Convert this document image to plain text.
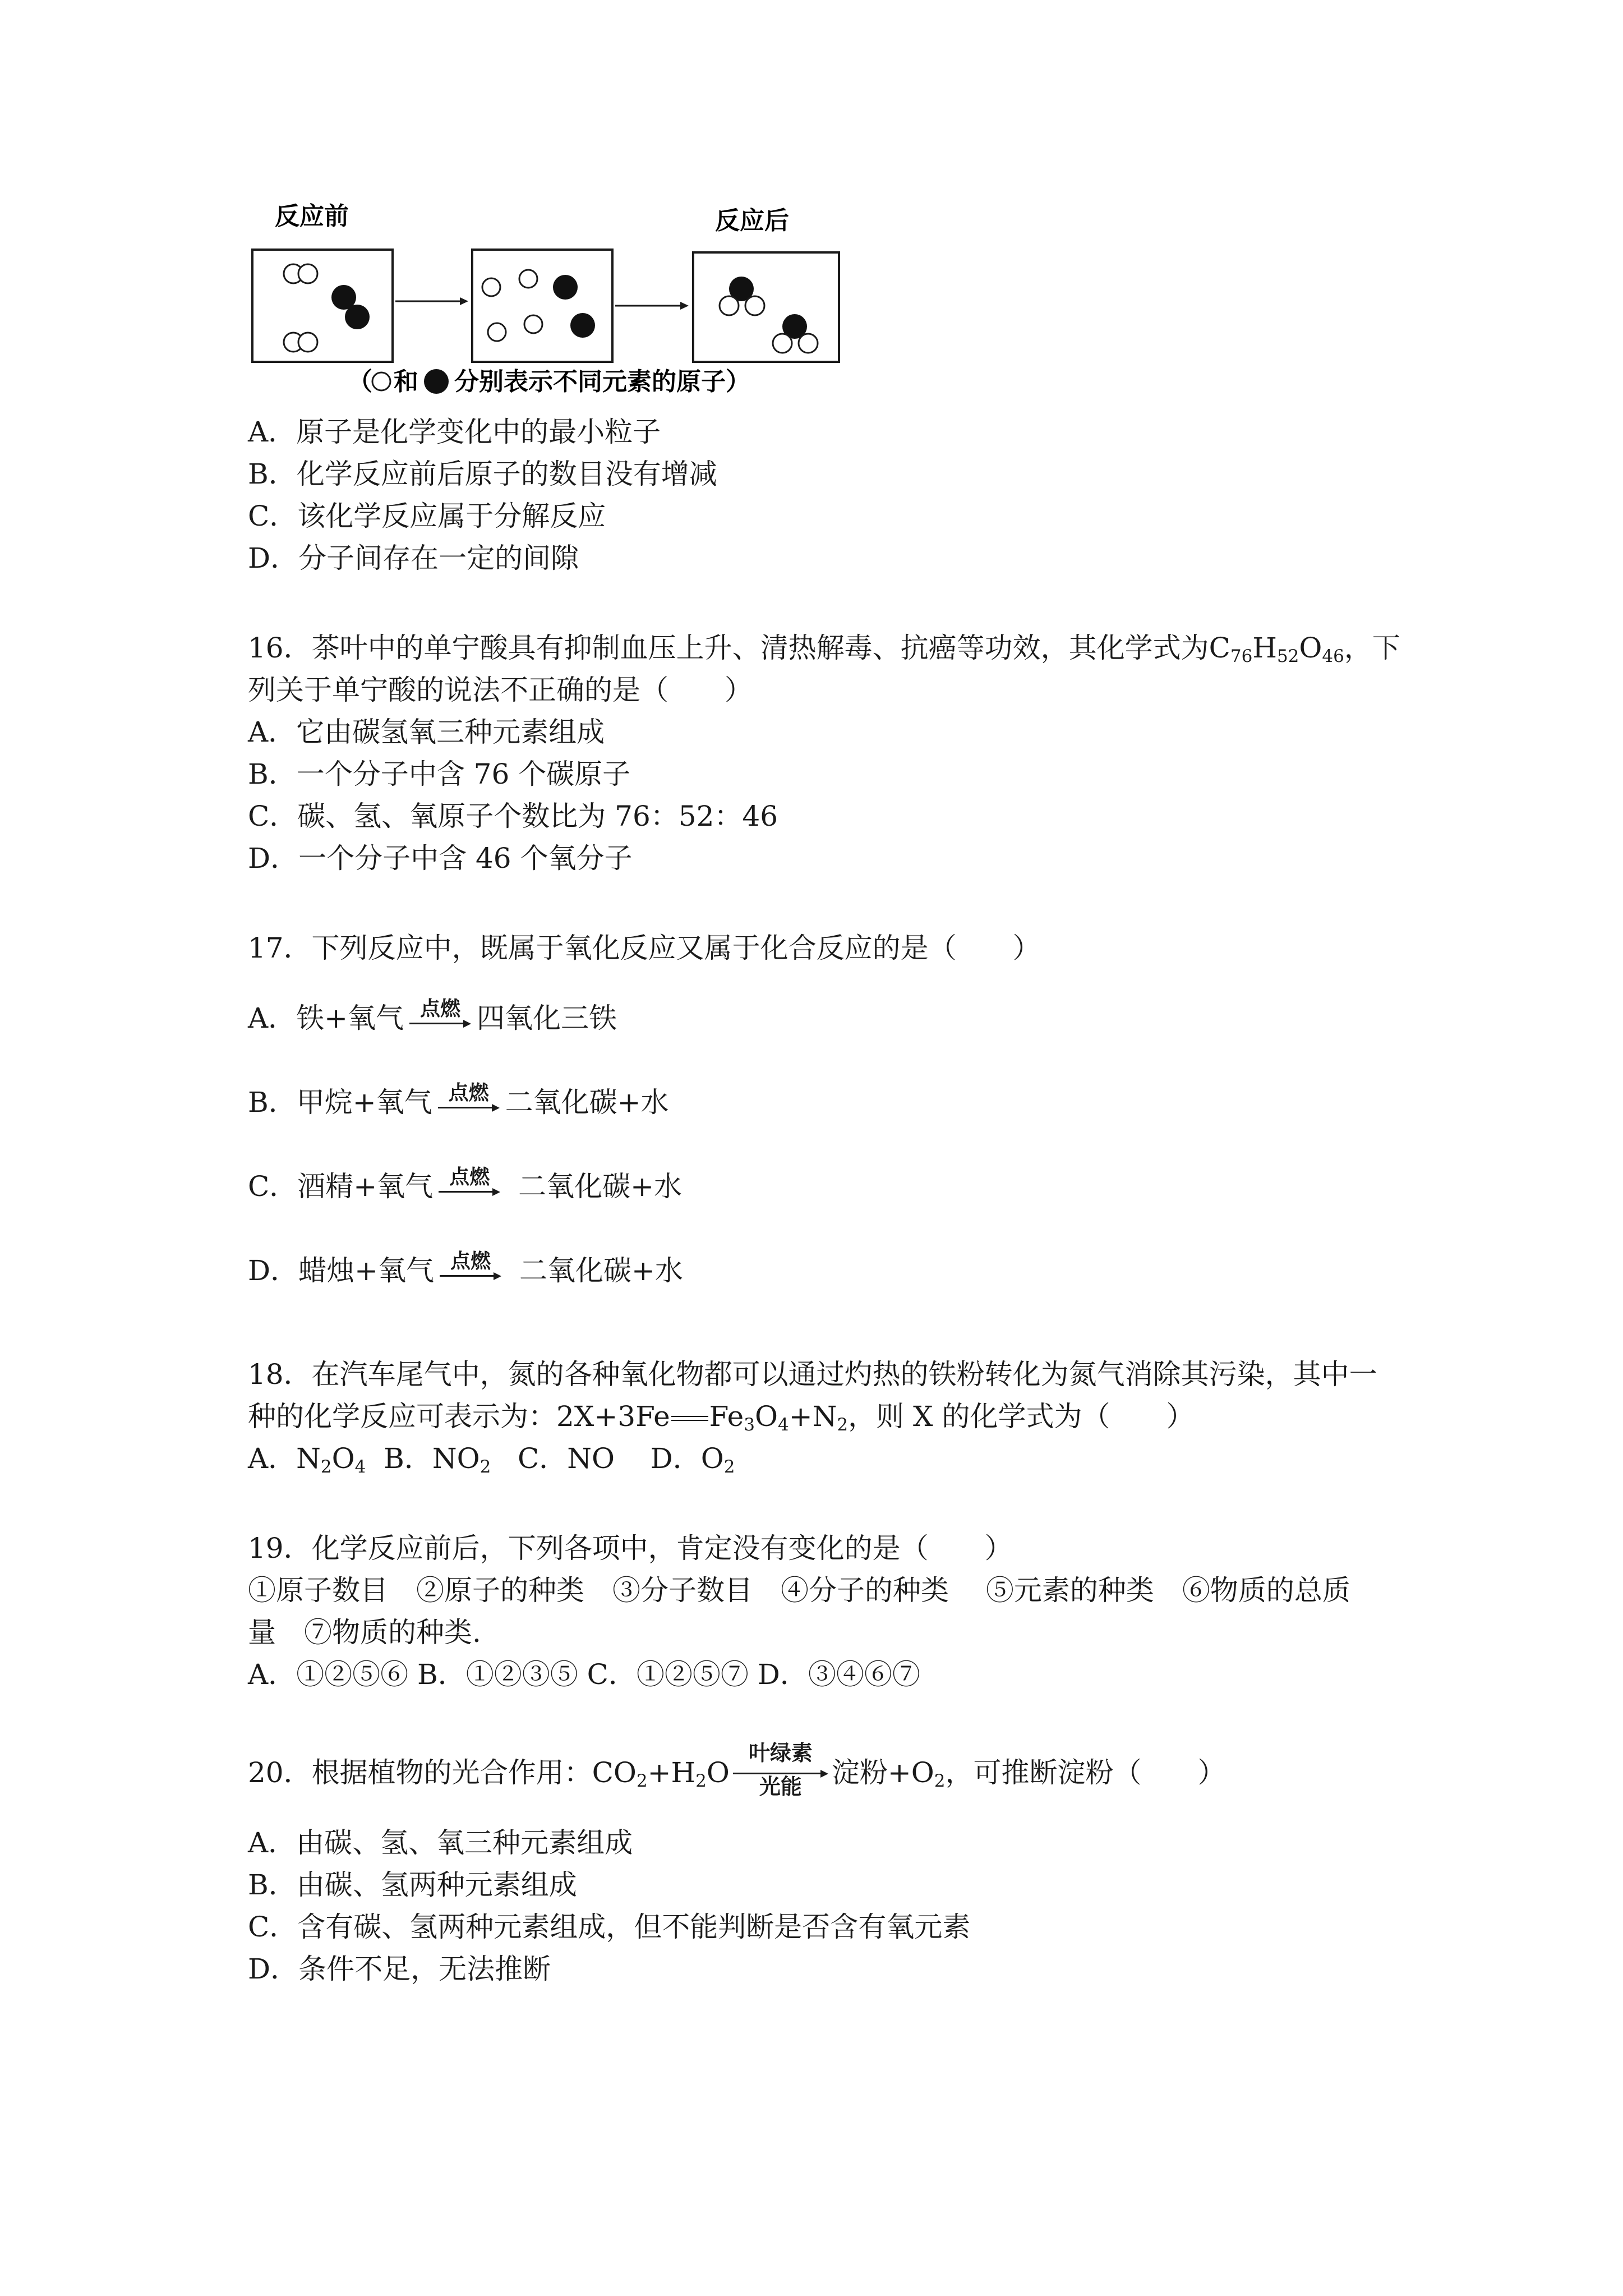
反应前	反应后
（ 和 分别表示不同元素的原子）
A．原子是化学变化中的最小粒子
B．化学反应前后原子的数目没有增减
C．该化学反应属于分解反应
D．分子间存在一定的间隙
16．茶叶中的单宁酸具有抑制血压上升、清热解毒、抗癌等功效，其化学式为$C_{76}H_{52}O_{46}$，下
列关于单宁酸的说法不正确的是（　　）
A．它由碳氢氧三种元素组成
B．一个分子中含 76 个碳原子
C．碳、氢、氧原子个数比为 76：52：46
D．一个分子中含 46 个氧分子
17．下列反应中，既属于氧化反应又属于化合反应的是（　　）
A．铁+氧气 点燃 四氧化三铁
B．甲烷+氧气 点燃 二氧化碳+水
C．酒精+氧气 点燃	二氧化碳+水
D．蜡烛+氧气 点燃	二氧化碳+水
18．在汽车尾气中，氮的各种氧化物都可以通过灼热的铁粉转化为氮气消除其污染，其中一
种的化学反应可表示为：2X+3Fe $Fe_3O_4+N_2$，则 X 的化学式为（　　）
A．$N_2O_4$ B．$NO_2$ C．NO D．$O_2$
19．化学反应前后，下列各项中，肯定没有变化的是（　　）
①原子数目　②原子的种类　③分子数目　④分子的种类　 ⑤元素的种类　⑥物质的总质
量　⑦物质的种类.
A．①②⑤⑥ B．①②③⑤ C．①②⑤⑦ D．③④⑥⑦
20．根据植物的光合作用：$CO_2+H_2O$
叶绿素
光能	淀粉$+O_2$，可推断淀粉（　　）
A．由碳、氢、氧三种元素组成
B．由碳、氢两种元素组成
C．含有碳、氢两种元素组成，但不能判断是否含有氧元素
D．条件不足，无法推断
